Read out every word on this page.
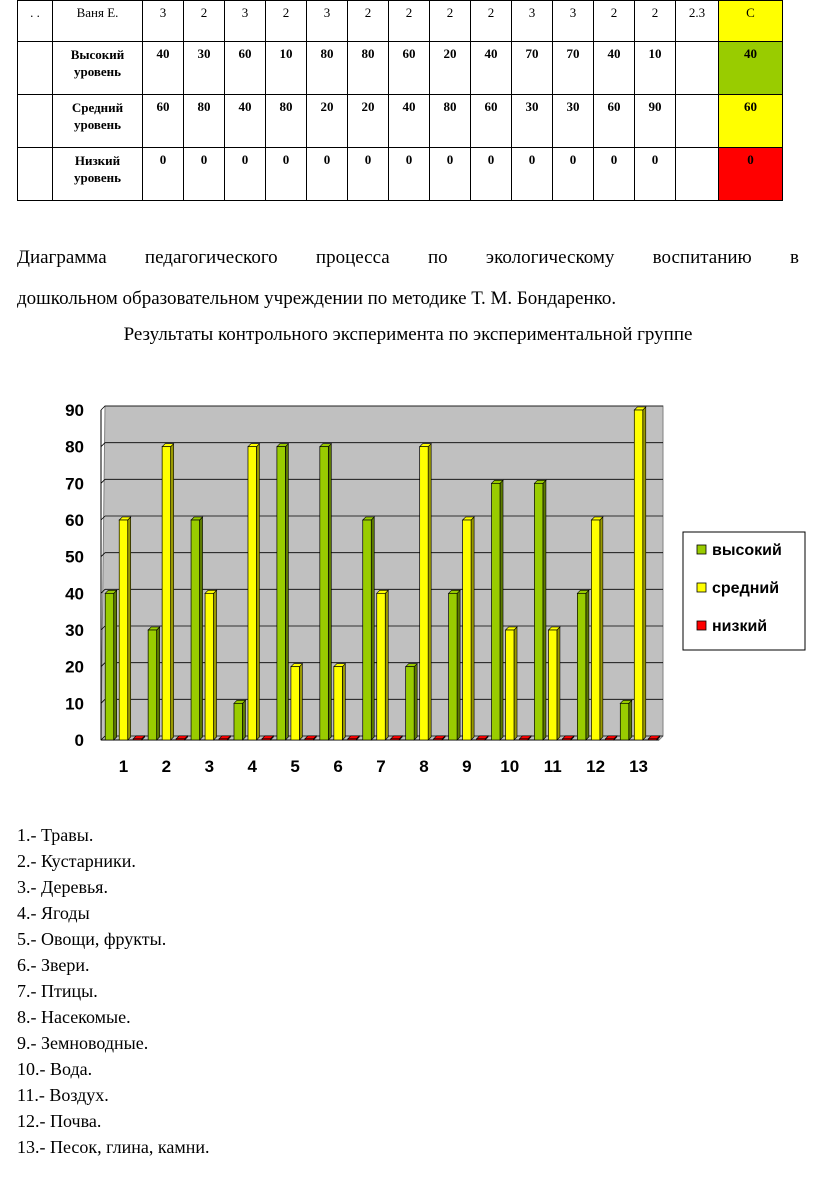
. .	Ваня Е.	3	2	3	2	3	2	2	2	2	3	3	2	2	2.3	С
	Высокий уровень	40	30	60	10	80	80	60	20	40	70	70	40	10		40
	Средний уровень	60	80	40	80	20	20	40	80	60	30	30	60	90		60
	Низкий уровень	0	0	0	0	0	0	0	0	0	0	0	0	0		0
Диаграмма педагогического процесса по экологическому воспитанию в
дошкольном образовательном учреждении по методике Т. М. Бондаренко.
Результаты контрольного эксперимента по экспериментальной группе
0
10
20
30
40
50
60
70
80
90
1 2 3 4 5 6 7 8 9 10 11 12 13
высокий
средний
низкий
1.- Травы.
2.- Кустарники.
3.- Деревья.
4.- Ягоды
5.- Овощи, фрукты.
6.- Звери.
7.- Птицы.
8.- Насекомые.
9.- Земноводные.
10.- Вода.
11.- Воздух.
12.- Почва.
13.- Песок, глина, камни.
